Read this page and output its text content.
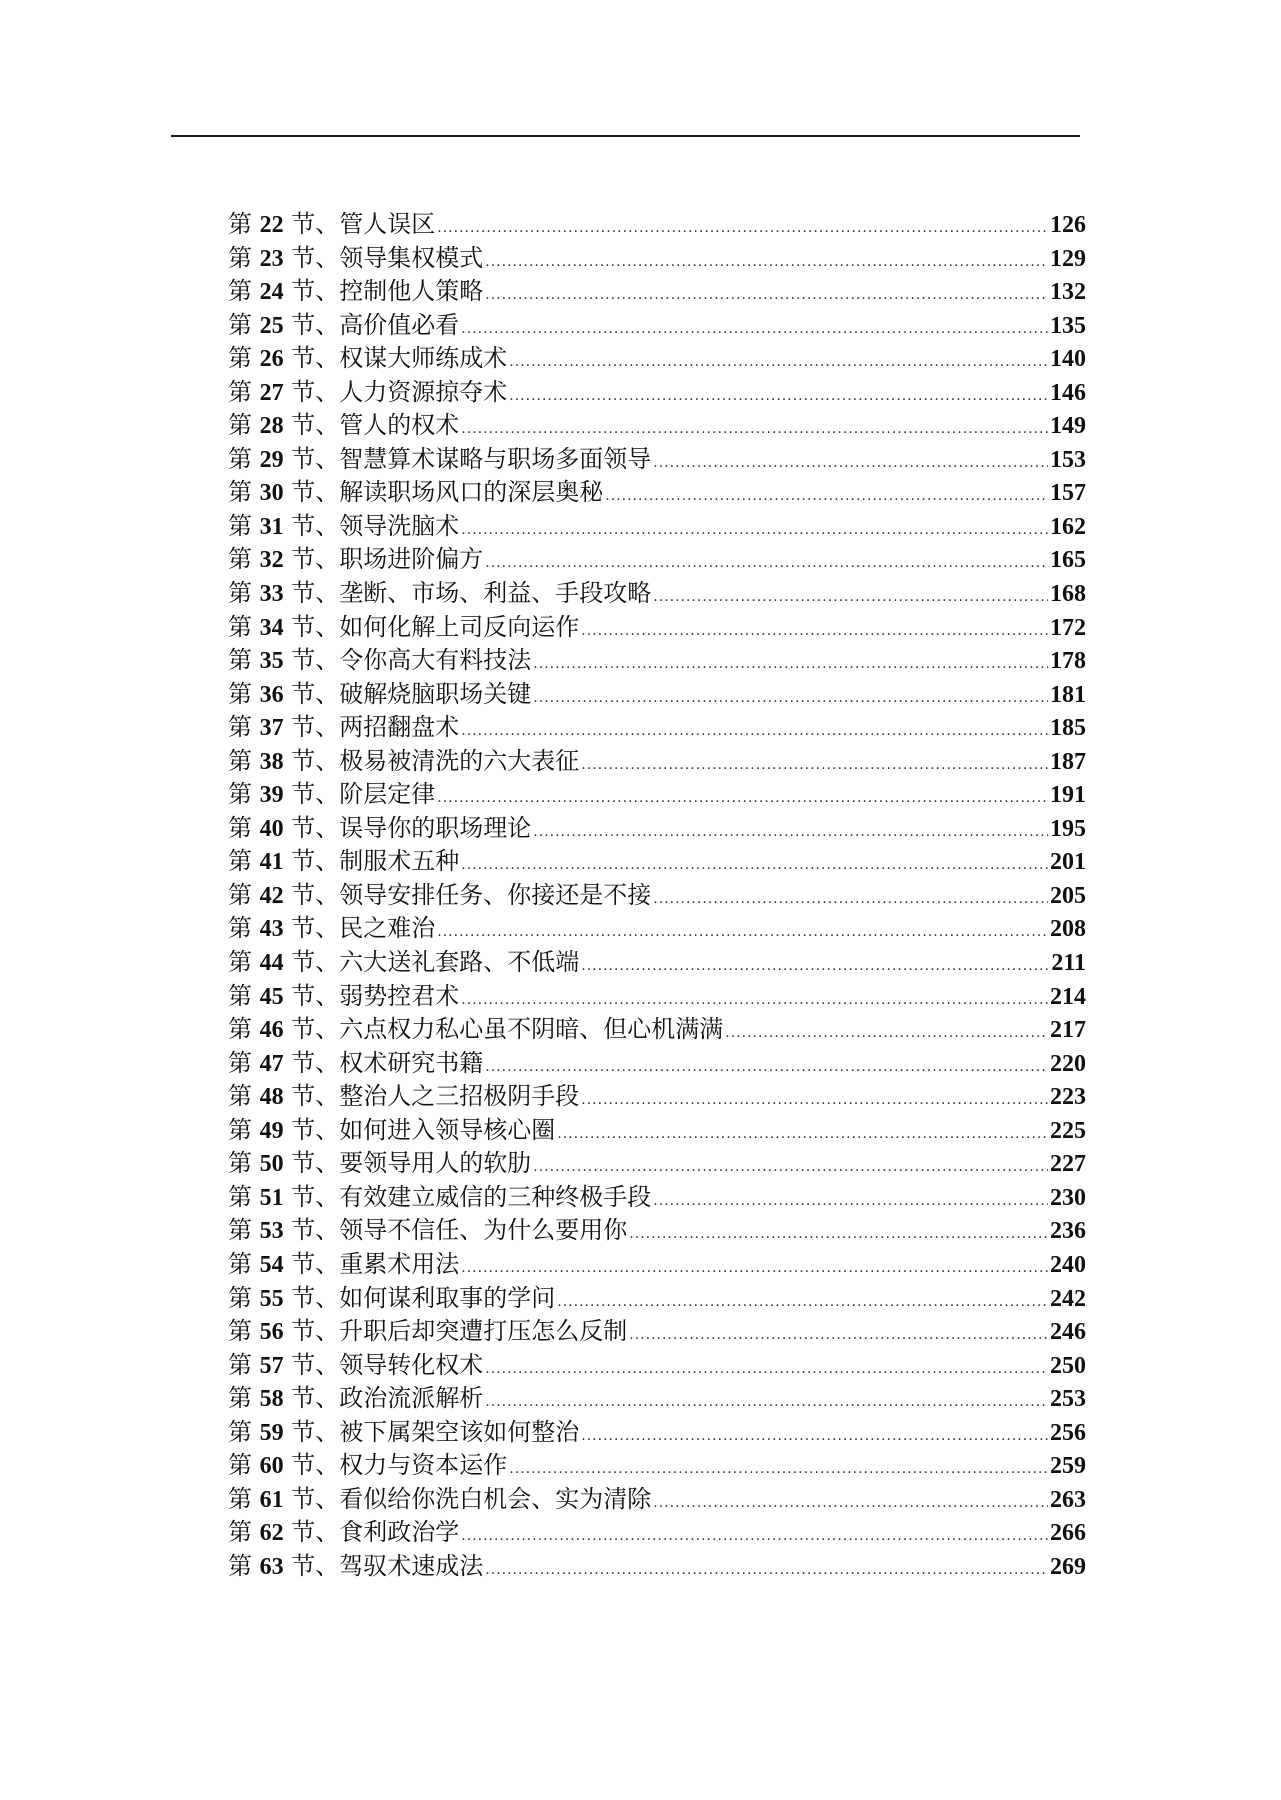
第 22 节、管人误区 .....	126
第 23 节、领导集权模式 .....	129
第 24 节、控制他人策略 .....	132
第 25 节、高价值必看 .....	135
第 26 节、权谋大师练成术 .....	140
第 27 节、人力资源掠夺术 .....	146
第 28 节、管人的权术 .....	149
第 29 节、智慧算术谋略与职场多面领导 .....	153
第 30 节、解读职场风口的深层奥秘 .....	157
第 31 节、领导洗脑术 .....	162
第 32 节、职场进阶偏方 .....	165
第 33 节、垄断、市场、利益、手段攻略 .....	168
第 34 节、如何化解上司反向运作 .....	172
第 35 节、令你高大有料技法 .....	178
第 36 节、破解烧脑职场关键 .....	181
第 37 节、两招翻盘术 .....	185
第 38 节、极易被清洗的六大表征 .....	187
第 39 节、阶层定律 .....	191
第 40 节、误导你的职场理论 .....	195
第 41 节、制服术五种 .....	201
第 42 节、领导安排任务、你接还是不接 .....	205
第 43 节、民之难治 .....	208
第 44 节、六大送礼套路、不低端 .....	211
第 45 节、弱势控君术 .....	214
第 46 节、六点权力私心虽不阴暗、但心机满满 .....	217
第 47 节、权术研究书籍 .....	220
第 48 节、整治人之三招极阴手段 .....	223
第 49 节、如何进入领导核心圈 .....	225
第 50 节、要领导用人的软肋 .....	227
第 51 节、有效建立威信的三种终极手段 .....	230
第 53 节、领导不信任、为什么要用你 .....	236
第 54 节、重累术用法 .....	240
第 55 节、如何谋利取事的学问 .....	242
第 56 节、升职后却突遭打压怎么反制 .....	246
第 57 节、领导转化权术 .....	250
第 58 节、政治流派解析 .....	253
第 59 节、被下属架空该如何整治 .....	256
第 60 节、权力与资本运作 .....	259
第 61 节、看似给你洗白机会、实为清除 .....	263
第 62 节、食利政治学 .....	266
第 63 节、驾驭术速成法 .....	269
